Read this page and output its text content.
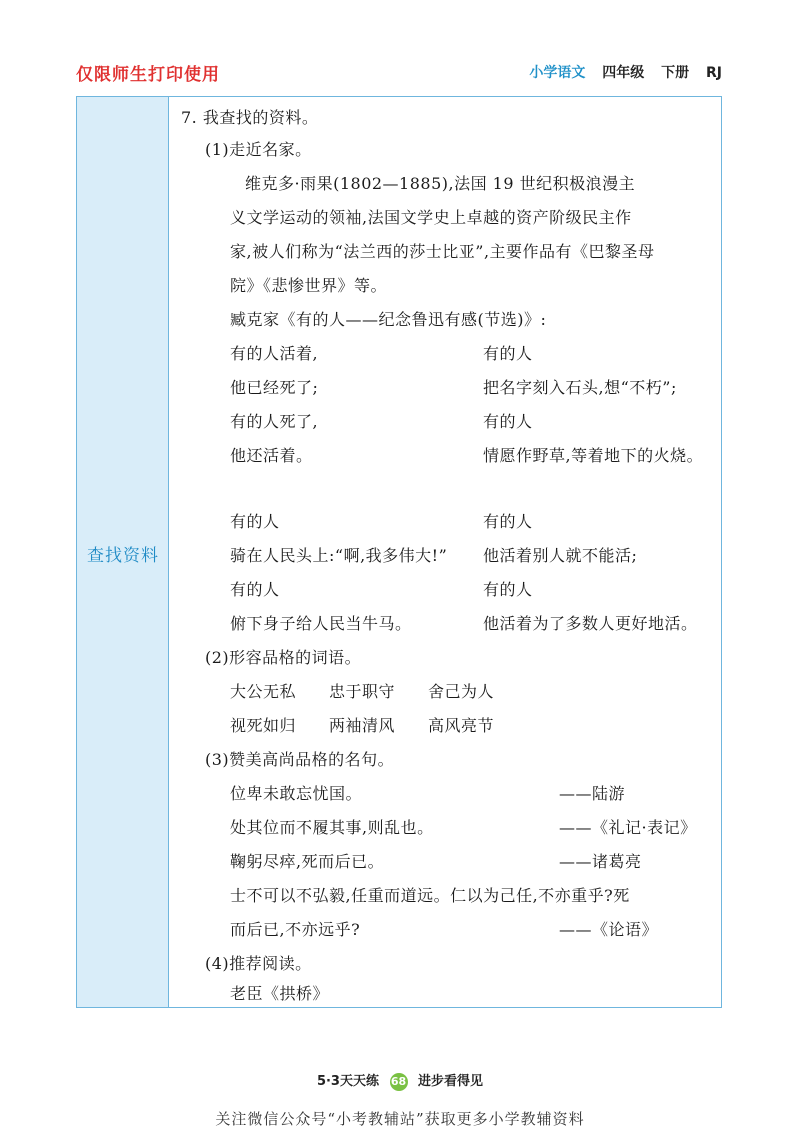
仅限师生打印使用	小学语文 四年级 下册 RJ
查找资料
7. 我查找的资料。
(1)走近名家。
维克多·雨果(1802—1885),法国 19 世纪积极浪漫主
义文学运动的领袖,法国文学史上卓越的资产阶级民主作
家,被人们称为“法兰西的莎士比亚”,主要作品有《巴黎圣母
院》《悲惨世界》等。
臧克家《有的人——纪念鲁迅有感(节选)》:
有的人活着,	有的人
他已经死了;	把名字刻入石头,想“不朽”;
有的人死了,	有的人
他还活着。	情愿作野草,等着地下的火烧。
有的人	有的人
骑在人民头上:“啊,我多伟大!” 他活着别人就不能活;
有的人	有的人
俯下身子给人民当牛马。	他活着为了多数人更好地活。
(2)形容品格的词语。
大公无私　　忠于职守　　舍己为人
视死如归　　两袖清风　　高风亮节
(3)赞美高尚品格的名句。
位卑未敢忘忧国。	——陆游
处其位而不履其事,则乱也。	——《礼记·表记》
鞠躬尽瘁,死而后已。	——诸葛亮
士不可以不弘毅,任重而道远。仁以为己任,不亦重乎?死
而后已,不亦远乎?	——《论语》
(4)推荐阅读。
老臣《拱桥》
5·3天天练 68 进步看得见
关注微信公众号“小考教辅站”获取更多小学教辅资料
